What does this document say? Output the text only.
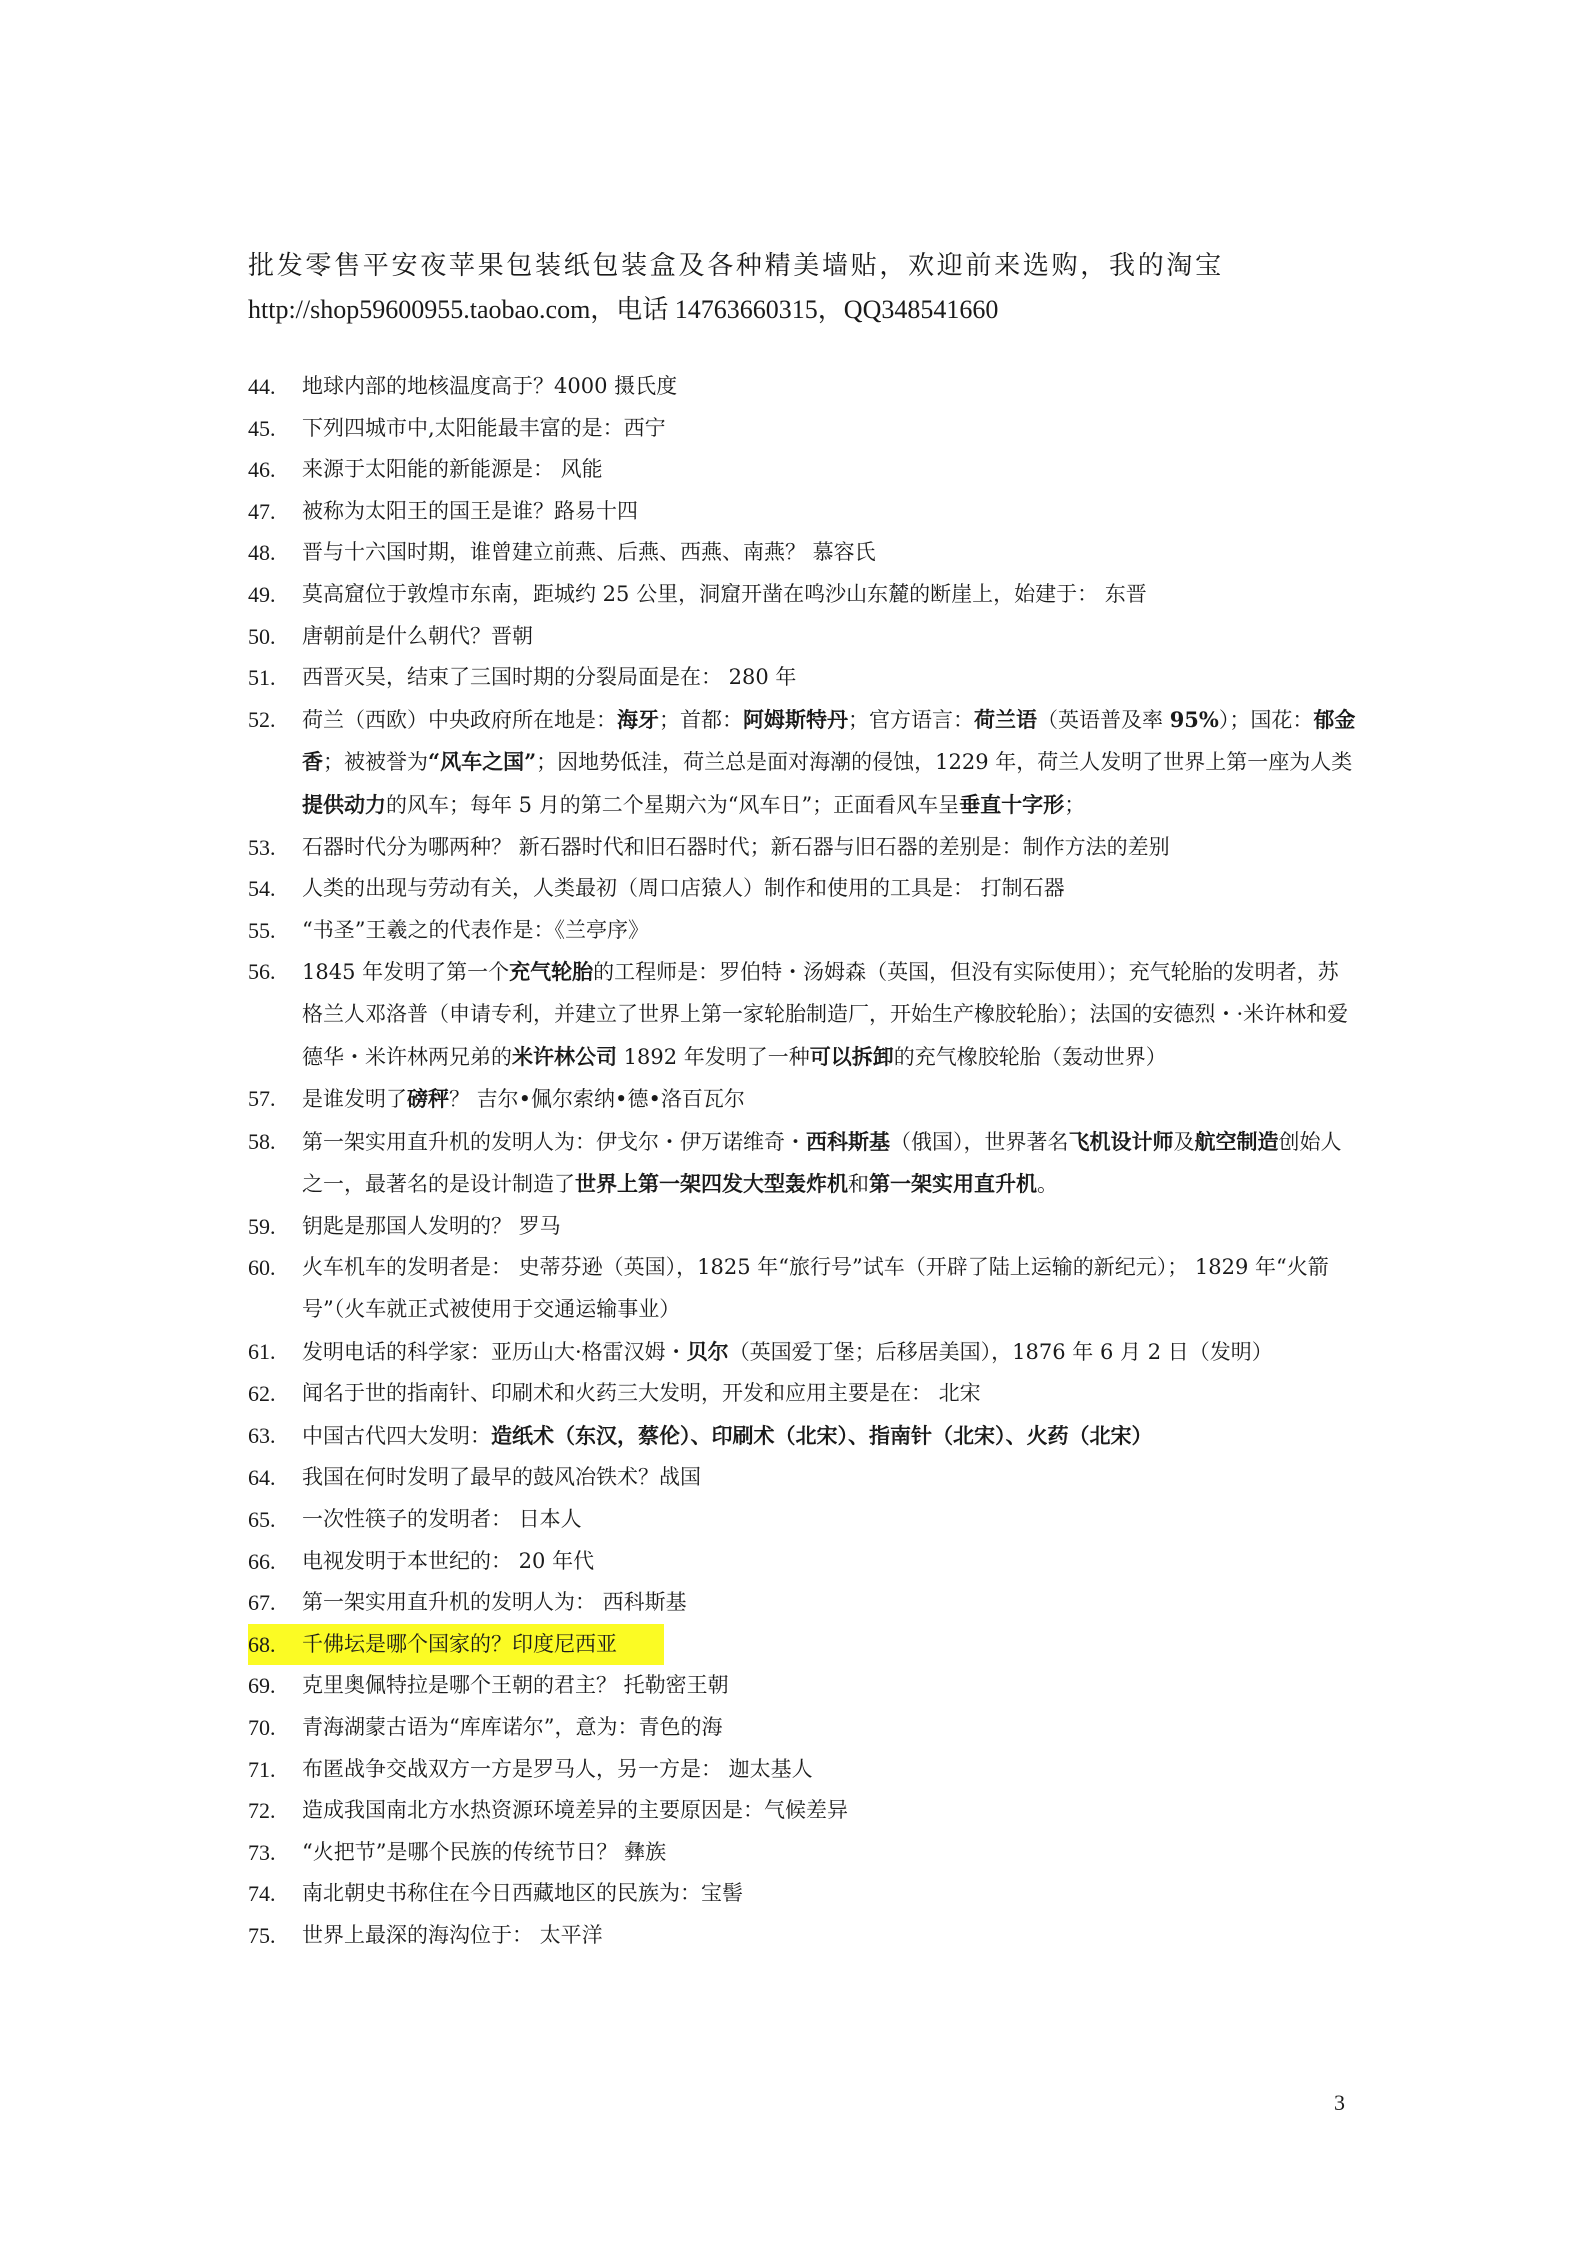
批发零售平安夜苹果包装纸包装盒及各种精美墙贴，欢迎前来选购，我的淘宝
http://shop59600955.taobao.com，电话 14763660315，QQ348541660
44.	地球内部的地核温度高于？4000 摄氏度
45.	下列四城市中,太阳能最丰富的是：西宁
46.	来源于太阳能的新能源是： 风能
47.	被称为太阳王的国王是谁？路易十四
48.	晋与十六国时期，谁曾建立前燕、后燕、西燕、南燕？ 慕容氏
49.	莫高窟位于敦煌市东南，距城约 25 公里，洞窟开凿在鸣沙山东麓的断崖上，始建于： 东晋
50.	唐朝前是什么朝代？晋朝
51.	西晋灭吴，结束了三国时期的分裂局面是在： 280 年
52.	荷兰（西欧）中央政府所在地是：海牙；首都：阿姆斯特丹；官方语言：荷兰语（英语普及率 95%）；国花：郁金香；被被誉为“风车之国”；因地势低洼，荷兰总是面对海潮的侵蚀，1229 年，荷兰人发明了世界上第一座为人类提供动力的风车；每年 5 月的第二个星期六为“风车日”；正面看风车呈垂直十字形；
53.	石器时代分为哪两种？ 新石器时代和旧石器时代；新石器与旧石器的差别是：制作方法的差别
54.	人类的出现与劳动有关，人类最初（周口店猿人）制作和使用的工具是： 打制石器
55.	“书圣”王羲之的代表作是：《兰亭序》
56.	1845 年发明了第一个充气轮胎的工程师是：罗伯特・汤姆森（英国，但没有实际使用）；充气轮胎的发明者，苏格兰人邓洛普（申请专利，并建立了世界上第一家轮胎制造厂，开始生产橡胶轮胎）；法国的安德烈・·米许林和爱德华・米许林两兄弟的米许林公司 1892 年发明了一种可以拆卸的充气橡胶轮胎（轰动世界）
57.	是谁发明了磅秤？ 吉尔•佩尔索纳•德•洛百瓦尔
58.	第一架实用直升机的发明人为：伊戈尔・伊万诺维奇・西科斯基（俄国），世界著名飞机设计师及航空制造创始人之一，最著名的是设计制造了世界上第一架四发大型轰炸机和第一架实用直升机。
59.	钥匙是那国人发明的？ 罗马
60.	火车机车的发明者是： 史蒂芬逊（英国），1825 年“旅行号”试车（开辟了陆上运输的新纪元）； 1829 年“火箭号”（火车就正式被使用于交通运输事业）
61.	发明电话的科学家：亚历山大·格雷汉姆・贝尔（英国爱丁堡；后移居美国），1876 年 6 月 2 日（发明）
62.	闻名于世的指南针、印刷术和火药三大发明，开发和应用主要是在： 北宋
63.	中国古代四大发明：造纸术（东汉，蔡伦）、印刷术（北宋）、指南针（北宋）、火药（北宋）
64.	我国在何时发明了最早的鼓风冶铁术？战国
65.	一次性筷子的发明者： 日本人
66.	电视发明于本世纪的： 20 年代
67.	第一架实用直升机的发明人为： 西科斯基
68.	千佛坛是哪个国家的？印度尼西亚
69.	克里奥佩特拉是哪个王朝的君主？ 托勒密王朝
70.	青海湖蒙古语为“库库诺尔”，意为：青色的海
71.	布匿战争交战双方一方是罗马人，另一方是： 迦太基人
72.	造成我国南北方水热资源环境差异的主要原因是：气候差异
73.	“火把节”是哪个民族的传统节日？ 彝族
74.	南北朝史书称住在今日西藏地区的民族为：宝髻
75.	世界上最深的海沟位于： 太平洋
3
